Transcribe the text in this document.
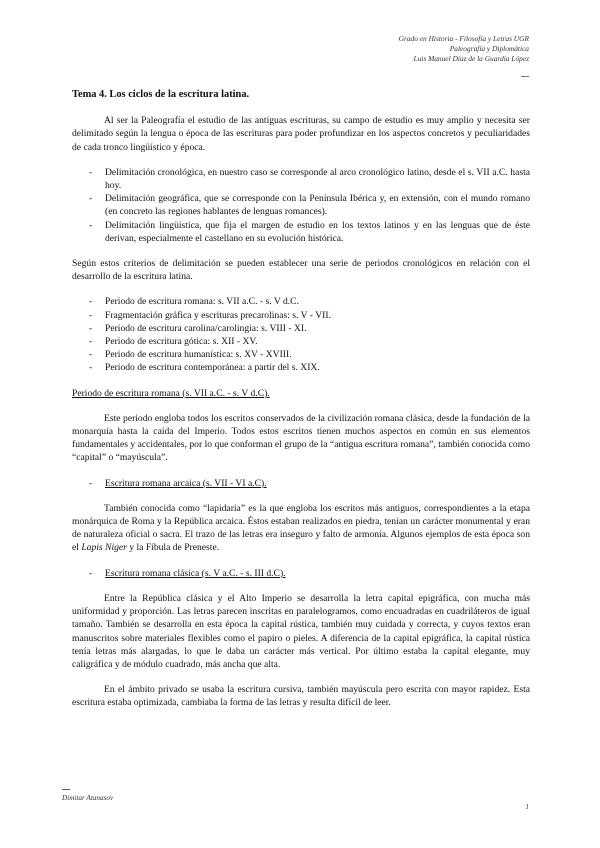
Grado en Historia - Filosofía y Letras UGR
Paleografía y Diplomática
Luis Manuel Díaz de la Guardia López
Tema 4. Los ciclos de la escritura latina.

Al ser la Paleografía el estudio de las antiguas escrituras, su campo de estudio es muy amplio y necesita ser delimitado según la lengua o época de las escrituras para poder profundizar en los aspectos concretos y peculiaridades de cada tronco lingüístico y época.

- Delimitación cronológica, en nuestro caso se corresponde al arco cronológico latino, desde el s. VII a.C. hasta hoy.
- Delimitación geográfica, que se corresponde con la Península Ibérica y, en extensión, con el mundo romano (en concreto las regiones hablantes de lenguas romances).
- Delimitación lingüística, que fija el margen de estudio en los textos latinos y en las lenguas que de éste derivan, especialmente el castellano en su evolución histórica.

Según estos criterios de delimitación se pueden establecer una serie de periodos cronológicos en relación con el desarrollo de la escritura latina.

- Periodo de escritura romana: s. VII a.C. - s. V d.C.
- Fragmentación gráfica y escrituras precarolinas: s. V - VII.
- Periodo de escritura carolina/carolingia: s. VIII - XI.
- Periodo de escritura gótica: s. XII - XV.
- Periodo de escritura humanística: s. XV - XVIII.
- Periodo de escritura contemporánea: a partir del s. XIX.
Periodo de escritura romana (s. VII a.C. - s. V d.C).

Este periodo engloba todos los escritos conservados de la civilización romana clásica, desde la fundación de la monarquía hasta la caída del Imperio. Todos estos escritos tienen muchos aspectos en común en sus elementos fundamentales y accidentales, por lo que conforman el grupo de la “antigua escritura romana”, también conocida como “capital” o “mayúscula”.

- Escritura romana arcaica (s. VII - VI a.C).

También conocida como “lapidaria” es la que engloba los escritos más antiguos, correspondientes a la etapa monárquica de Roma y la República arcaica. Éstos estaban realizados en piedra, tenían un carácter monumental y eran de naturaleza oficial o sacra. El trazo de las letras era inseguro y falto de armonía. Algunos ejemplos de esta época son el Lapis Niger y la Fíbula de Preneste.

- Escritura romana clásica (s. V a.C. - s. III d.C).

Entre la República clásica y el Alto Imperio se desarrolla la letra capital epigráfica, con mucha más uniformidad y proporción. Las letras parecen inscritas en paralelogramos, como encuadradas en cuadriláteros de igual tamaño. También se desarrolla en esta época la capital rústica, también muy cuidada y correcta, y cuyos textos eran manuscritos sobre materiales flexibles como el papiro o pieles. A diferencia de la capital epigráfica, la capital rústica tenía letras más alargadas, lo que le daba un carácter más vertical. Por último estaba la capital elegante, muy caligráfica y de módulo cuadrado, más ancha que alta.

En el ámbito privado se usaba la escritura cursiva, también mayúscula pero escrita con mayor rapidez. Esta escritura estaba optimizada, cambiaba la forma de las letras y resulta difícil de leer.

Dimitar Atanasov
1
